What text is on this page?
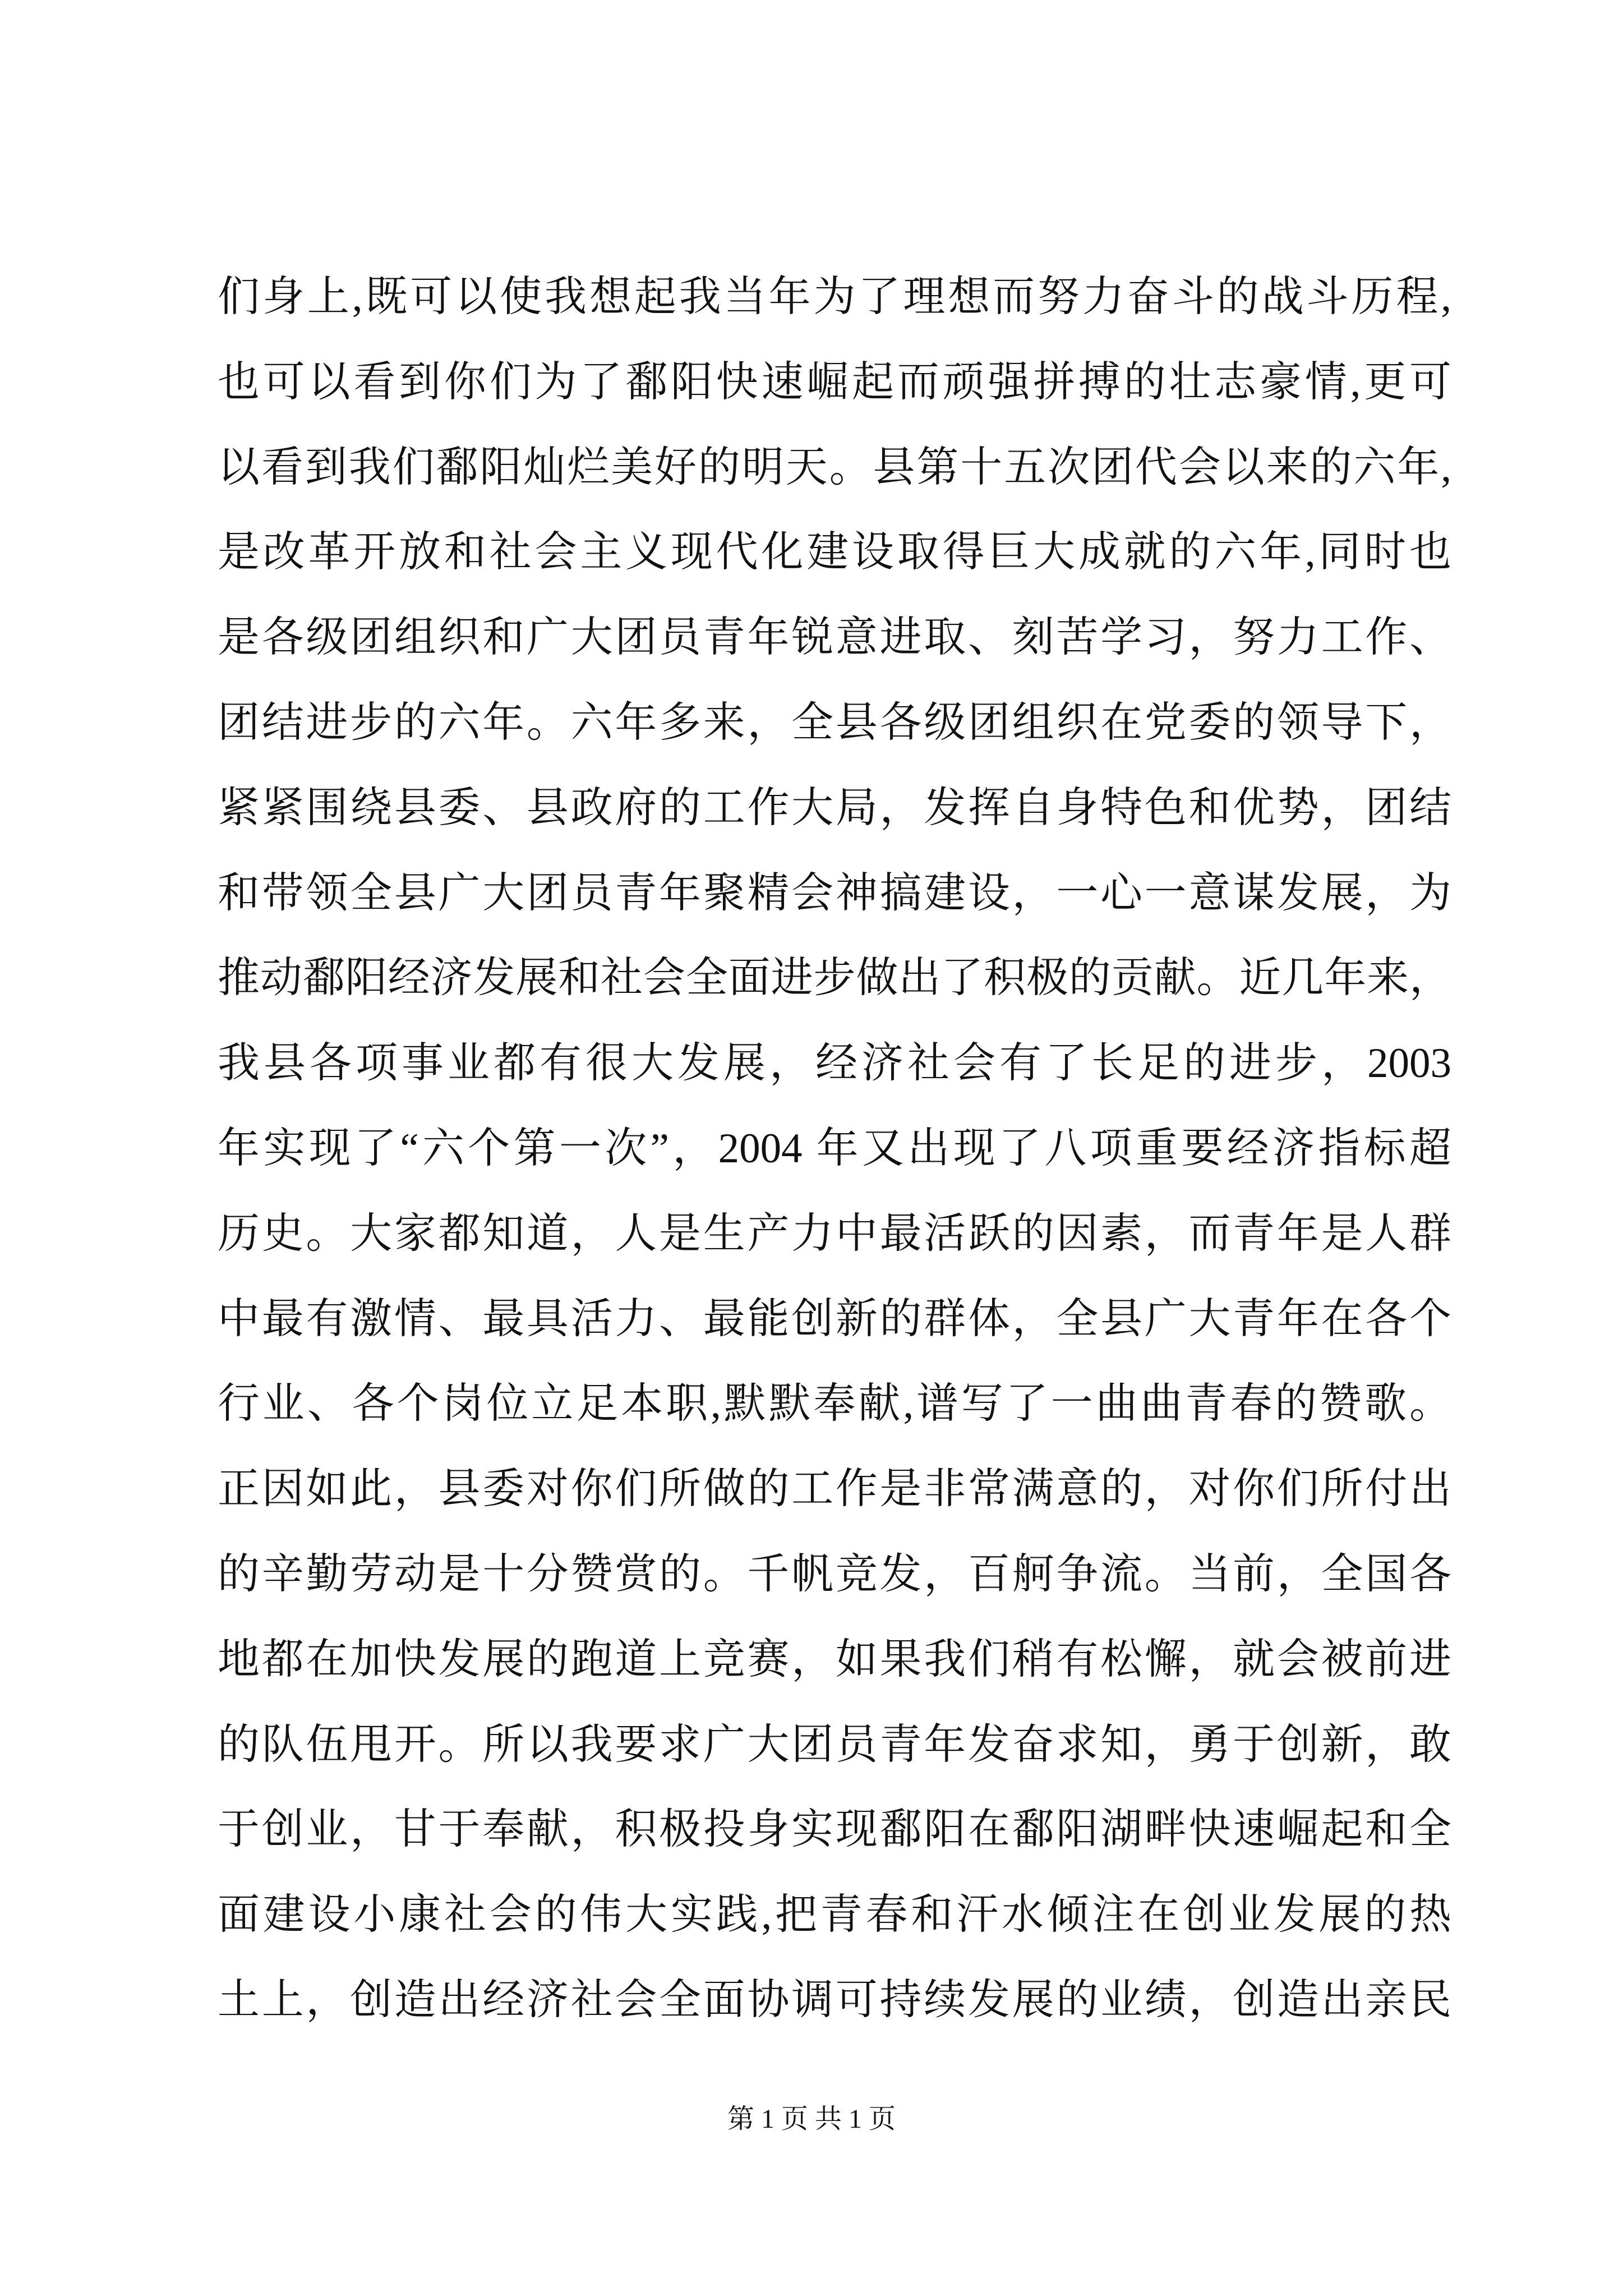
们身上,既可以使我想起我当年为了理想而努力奋斗的战斗历程,
也可以看到你们为了鄱阳快速崛起而顽强拼搏的壮志豪情,更可
以看到我们鄱阳灿烂美好的明天。县第十五次团代会以来的六年,
是改革开放和社会主义现代化建设取得巨大成就的六年,同时也
是各级团组织和广大团员青年锐意进取、刻苦学习，努力工作、
团结进步的六年。六年多来，全县各级团组织在党委的领导下，
紧紧围绕县委、县政府的工作大局，发挥自身特色和优势，团结
和带领全县广大团员青年聚精会神搞建设，一心一意谋发展，为
推动鄱阳经济发展和社会全面进步做出了积极的贡献。近几年来，
我县各项事业都有很大发展，经济社会有了长足的进步，2003
年实现了“六个第一次”，2004 年又出现了八项重要经济指标超
历史。大家都知道，人是生产力中最活跃的因素，而青年是人群
中最有激情、最具活力、最能创新的群体，全县广大青年在各个
行业、各个岗位立足本职,默默奉献,谱写了一曲曲青春的赞歌。
正因如此，县委对你们所做的工作是非常满意的，对你们所付出
的辛勤劳动是十分赞赏的。千帆竞发，百舸争流。当前，全国各
地都在加快发展的跑道上竞赛，如果我们稍有松懈，就会被前进
的队伍甩开。所以我要求广大团员青年发奋求知，勇于创新，敢
于创业，甘于奉献，积极投身实现鄱阳在鄱阳湖畔快速崛起和全
面建设小康社会的伟大实践,把青春和汗水倾注在创业发展的热
土上，创造出经济社会全面协调可持续发展的业绩，创造出亲民
第 1 页 共 1 页
